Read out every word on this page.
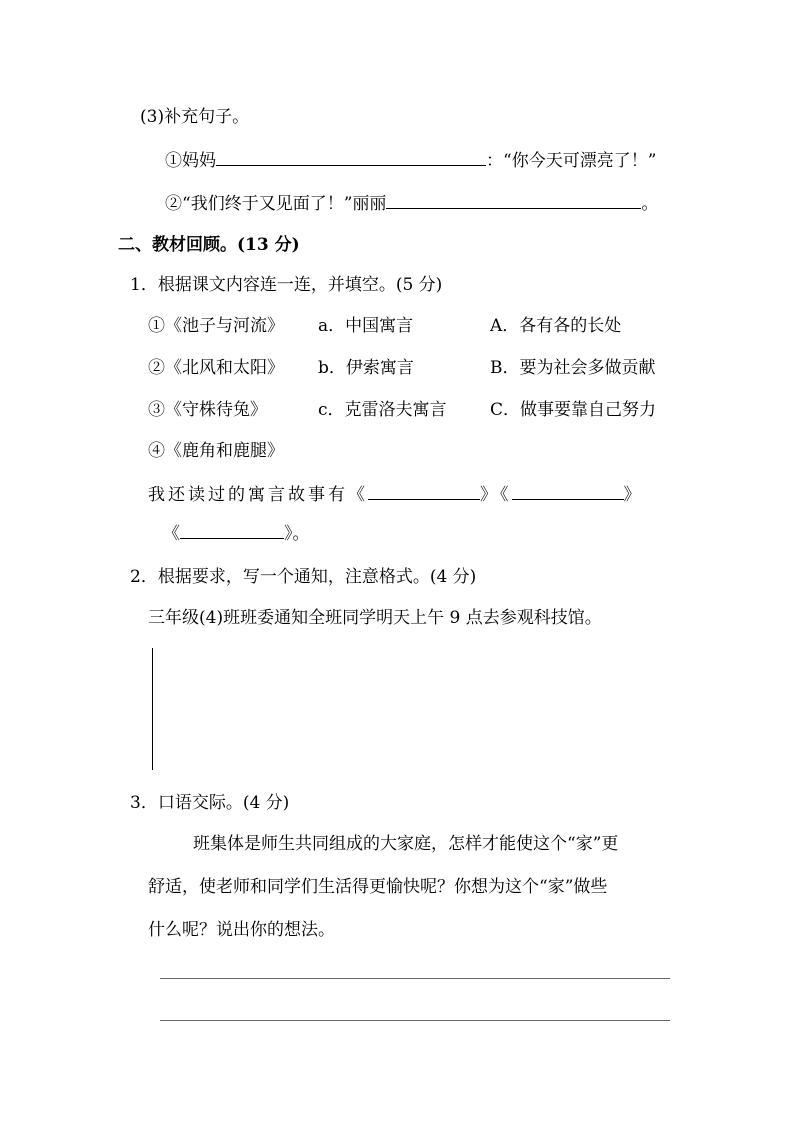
(3)补充句子。
①妈妈	：“你今天可漂亮了！”
②“我们终于又见面了！”丽丽	。
二、教材回顾。(13 分)
1．根据课文内容连一连，并填空。(5 分)
①《池子与河流》 a．中国寓言	A．各有各的长处
②《北风和太阳》 b．伊索寓言	B．要为社会多做贡献
③《守株待兔》	c．克雷洛夫寓言	C．做事要靠自己努力
④《鹿角和鹿腿》
我还读过的寓言故事有《	》《	》
《	》。
2．根据要求，写一个通知，注意格式。(4 分)
三年级(4)班班委通知全班同学明天上午 9 点去参观科技馆。
3．口语交际。(4 分)
班集体是师生共同组成的大家庭，怎样才能使这个“家”更
舒适，使老师和同学们生活得更愉快呢？你想为这个“家”做些
什么呢？说出你的想法。
